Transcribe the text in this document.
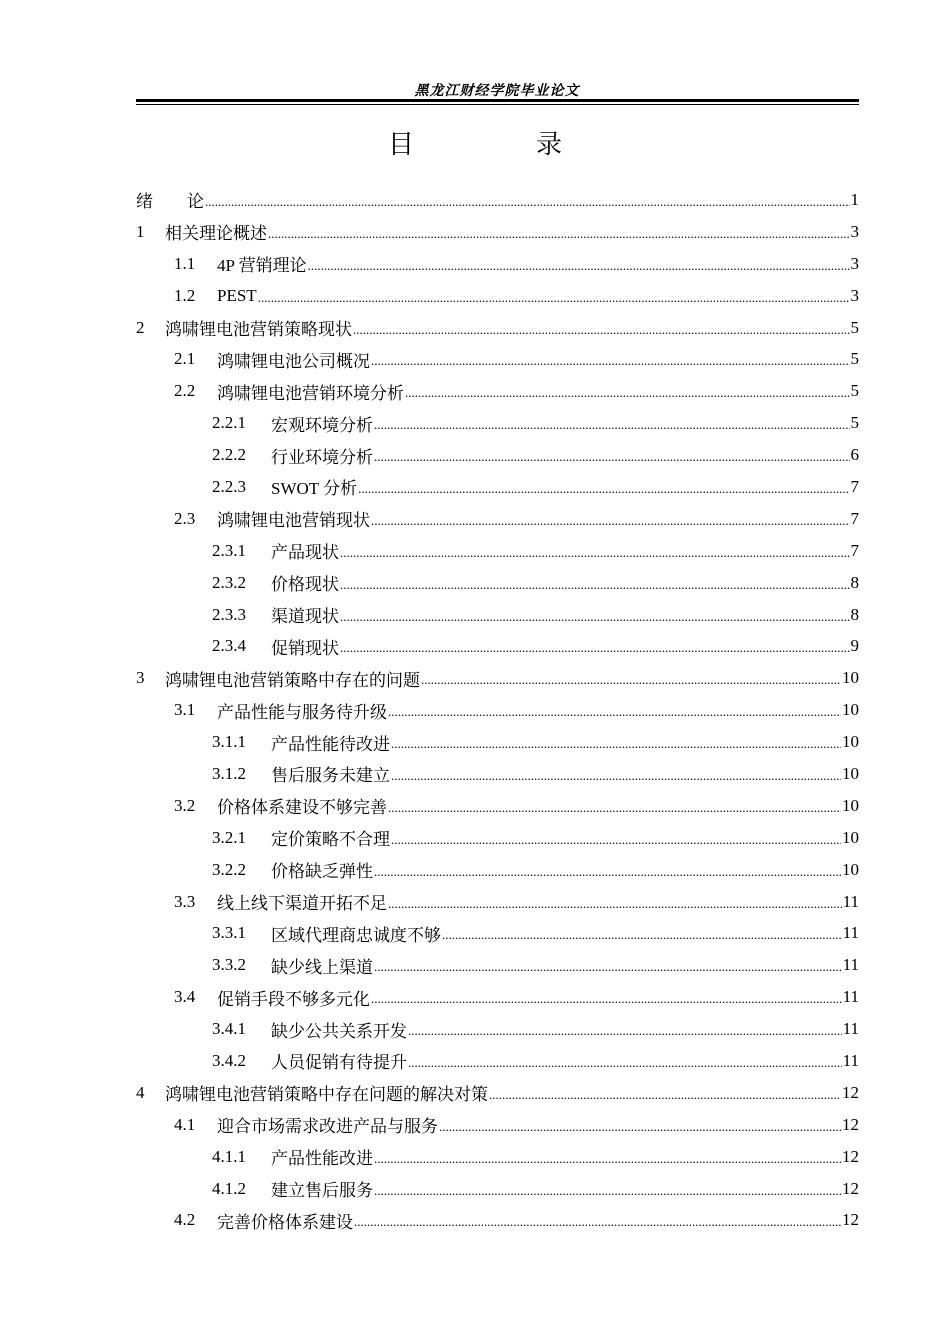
黑龙江财经学院毕业论文
目　录
绪　　论 .....	1
1	相关理论概述 .....	3
1.1	4P 营销理论 .....	3
1.2	PEST .....	3
2	鸿啸锂电池营销策略现状 .....	5
2.1	鸿啸锂电池公司概况 .....	5
2.2	鸿啸锂电池营销环境分析 .....	5
2.2.1	宏观环境分析 .....	5
2.2.2	行业环境分析 .....	6
2.2.3	SWOT 分析 .....	7
2.3	鸿啸锂电池营销现状 .....	7
2.3.1	产品现状 .....	7
2.3.2	价格现状 .....	8
2.3.3	渠道现状 .....	8
2.3.4	促销现状 .....	9
3	鸿啸锂电池营销策略中存在的问题 .....	10
3.1	产品性能与服务待升级 .....	10
3.1.1	产品性能待改进 .....	10
3.1.2	售后服务未建立 .....	10
3.2	价格体系建设不够完善 .....	10
3.2.1	定价策略不合理 .....	10
3.2.2	价格缺乏弹性 .....	10
3.3	线上线下渠道开拓不足 .....	11
3.3.1	区域代理商忠诚度不够 .....	11
3.3.2	缺少线上渠道 .....	11
3.4	促销手段不够多元化 .....	11
3.4.1	缺少公共关系开发 .....	11
3.4.2	人员促销有待提升 .....	11
4	鸿啸锂电池营销策略中存在问题的解决对策 .....	12
4.1	迎合市场需求改进产品与服务 .....	12
4.1.1	产品性能改进 .....	12
4.1.2	建立售后服务 .....	12
4.2	完善价格体系建设 .....	12
